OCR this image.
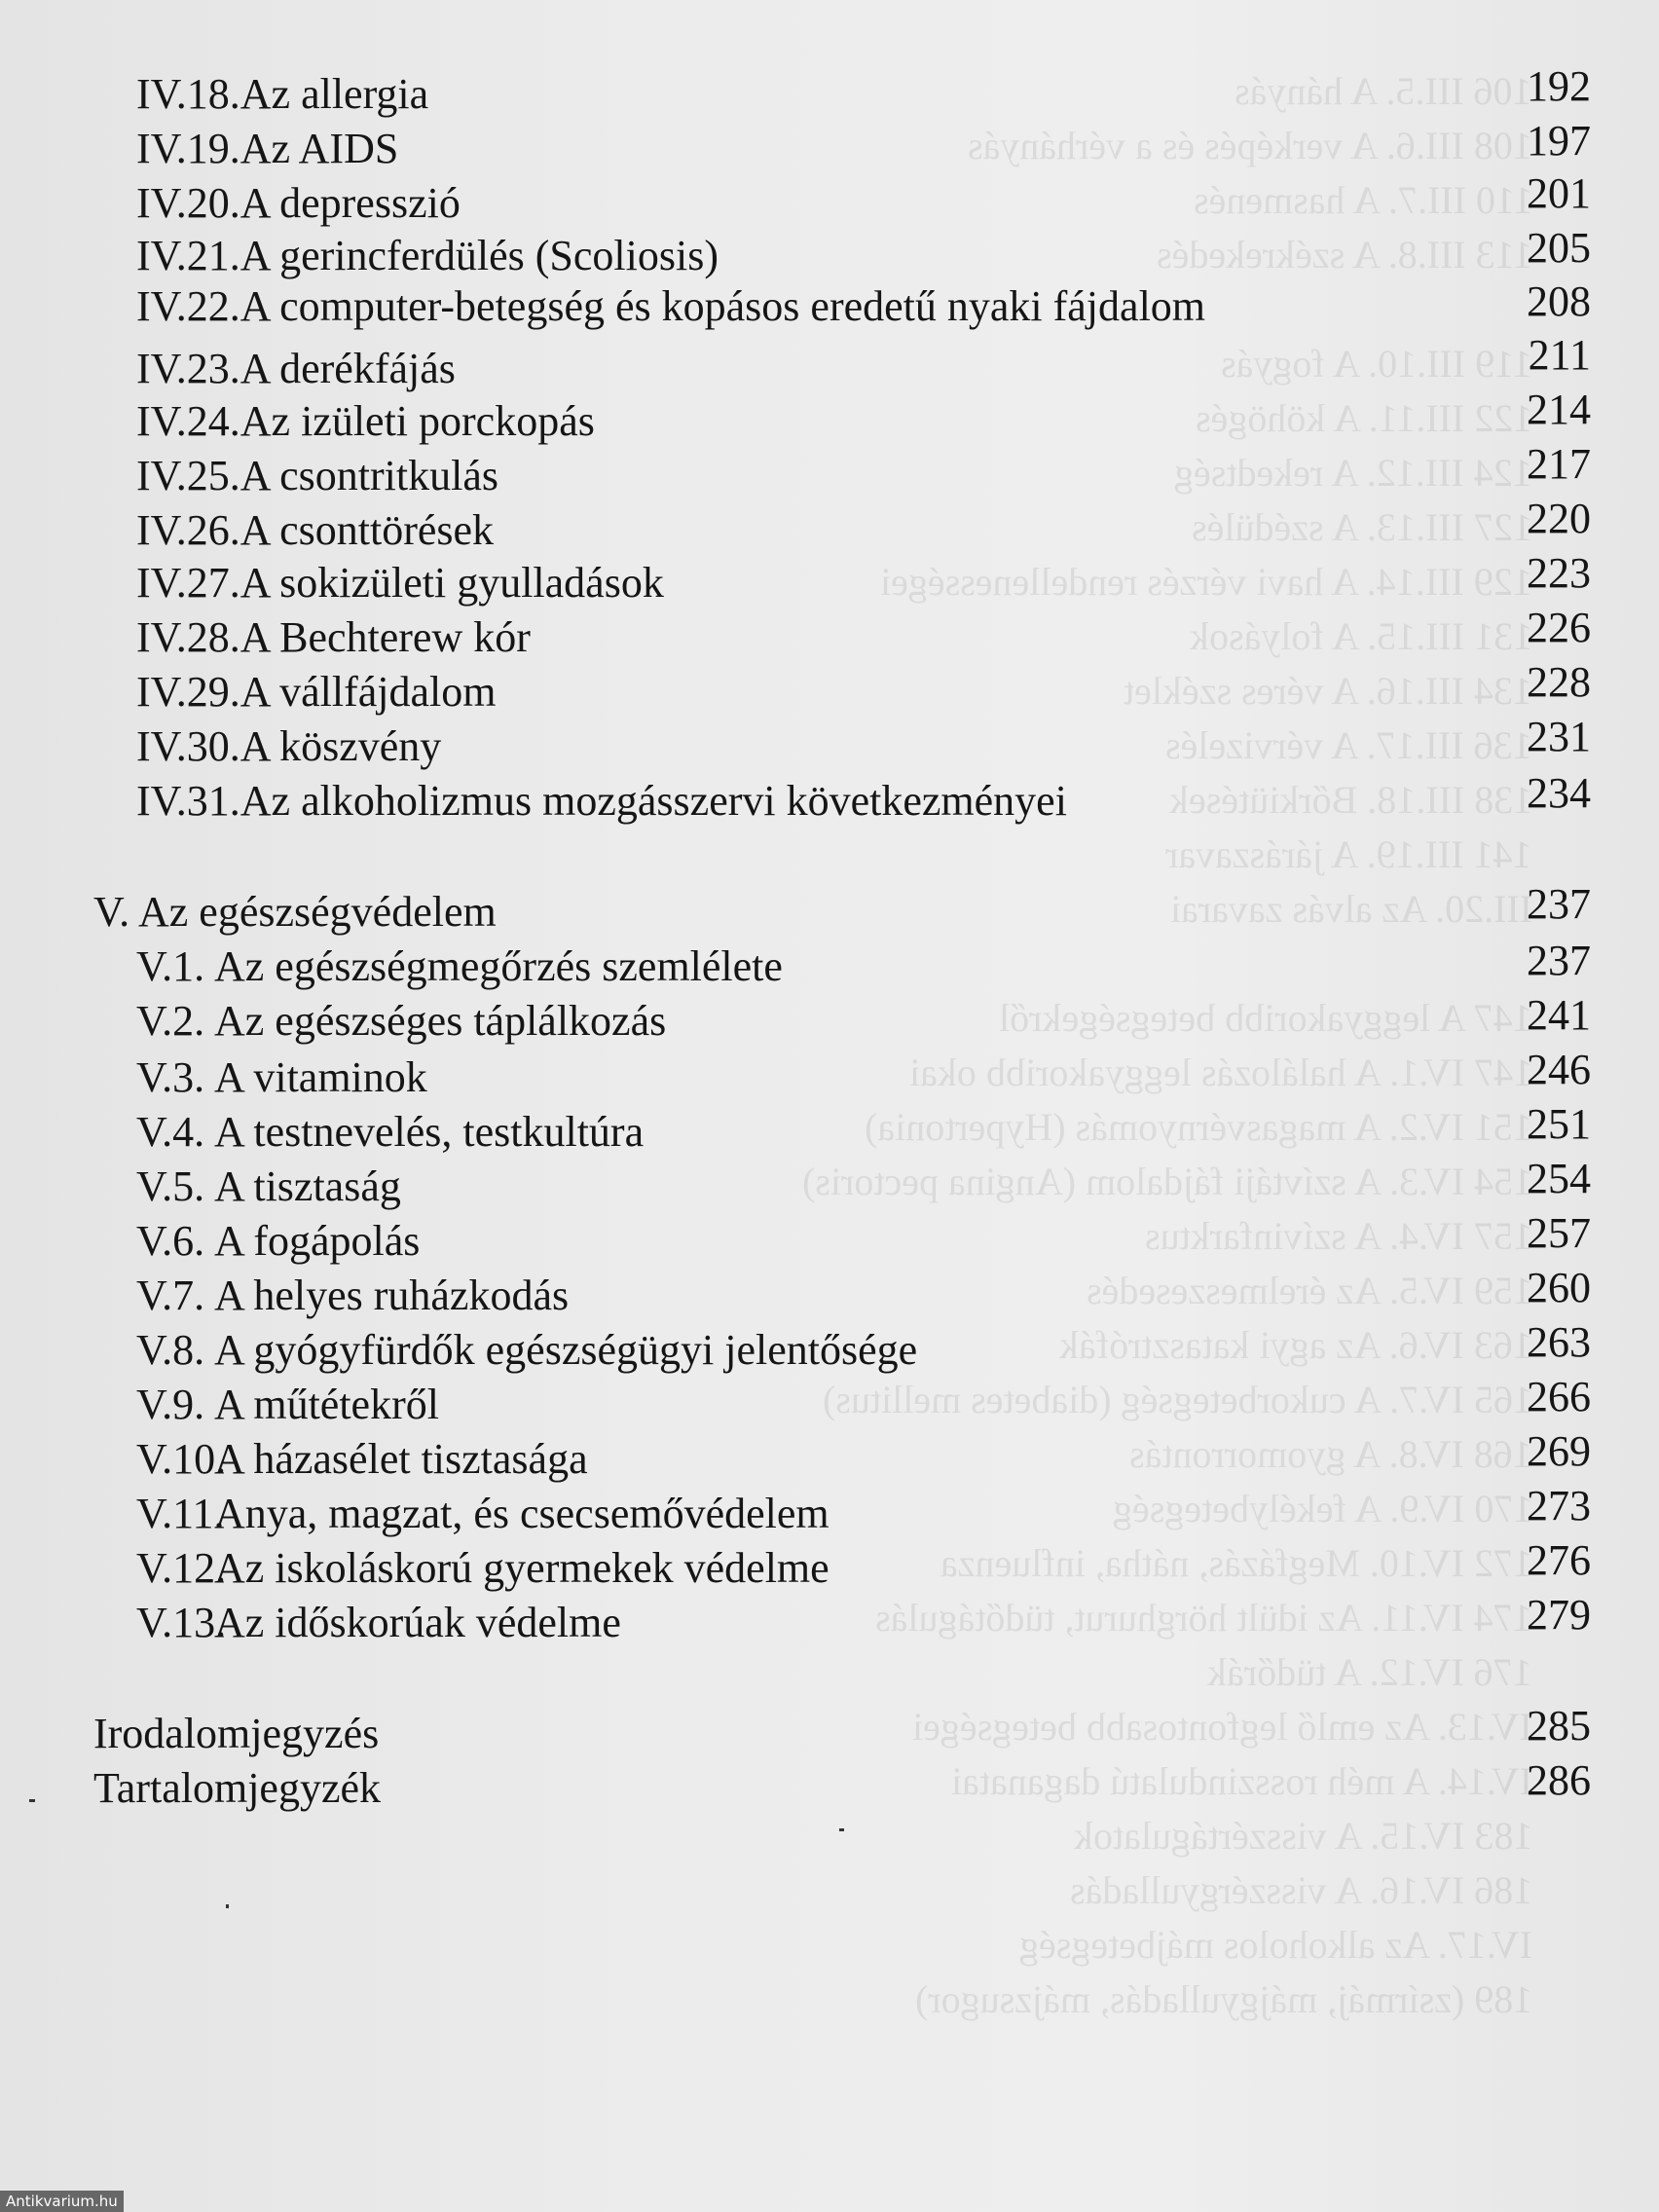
106 III.5. A hányás
108 III.6. A verképés és a vérhányás
110 III.7. A hasmenés
113 III.8. A székrekedés
119 III.10. A fogyás
122 III.11. A köhögés
124 III.12. A rekedtség
127 III.13. A szédülés
129 III.14. A havi vérzés rendellenességei
131 III.15. A folyások
134 III.16. A véres széklet
136 III.17. A vérvizelés
138 III.18. Bőrkiütések
141 III.19. A járászavar
III.20. Az alvás zavarai
147 A leggyakoribb betegségekről
147 IV.1. A halálozás leggyakoribb okai
151 IV.2. A magasvérnyomás (Hypertonia)
154 IV.3. A szívtáji fájdalom (Angina pectoris)
157 IV.4. A szívinfarktus
159 IV.5. Az érelmeszesedés
163 IV.6. Az agyi katasztrófák
165 IV.7. A cukorbetegség (diabetes mellitus)
168 IV.8. A gyomorrontás
170 IV.9. A fekélybetegség
172 IV.10. Megfázás, nátha, influenza
174 IV.11. Az idült hörghurut, tüdőtágulás
176 IV.12. A tüdőrák
IV.13. Az emlő legfontosabb betegségei
IV.14. A méh rosszindulatú daganatai
183 IV.15. A visszértágulatok
186 IV.16. A visszérgyulladás
IV.17. Az alkoholos májbetegség
189 (zsírmáj, májgyulladás, májzsugor)
IV.18.Az allergia	192
IV.19.Az AIDS	197
IV.20.A depresszió	201
IV.21.A gerincferdülés (Scoliosis)	205
IV.22.A computer-betegség és kopásos eredetű nyaki fájdalom	208
IV.23.A derékfájás	211
IV.24.Az izületi porckopás	214
IV.25.A csontritkulás	217
IV.26.A csonttörések	220
IV.27.A sokizületi gyulladások	223
IV.28.A Bechterew kór	226
IV.29.A vállfájdalom	228
IV.30.A köszvény	231
IV.31.Az alkoholizmus mozgásszervi következményei	234
V. Az egészségvédelem	237
V.1. Az egészségmegőrzés szemlélete	237
V.2. Az egészséges táplálkozás	241
V.3. A vitaminok	246
V.4. A testnevelés, testkultúra	251
V.5. A tisztaság	254
V.6. A fogápolás	257
V.7. A helyes ruházkodás	260
V.8. A gyógyfürdők egészségügyi jelentősége	263
V.9. A műtétekről	266
V.10.A házasélet tisztasága	269
V.11.Anya, magzat, és csecsemővédelem	273
V.12.Az iskoláskorú gyermekek védelme	276
V.13.Az időskorúak védelme	279
Irodalomjegyzés	285
Tartalomjegyzék	286
Antikvarium.hu
